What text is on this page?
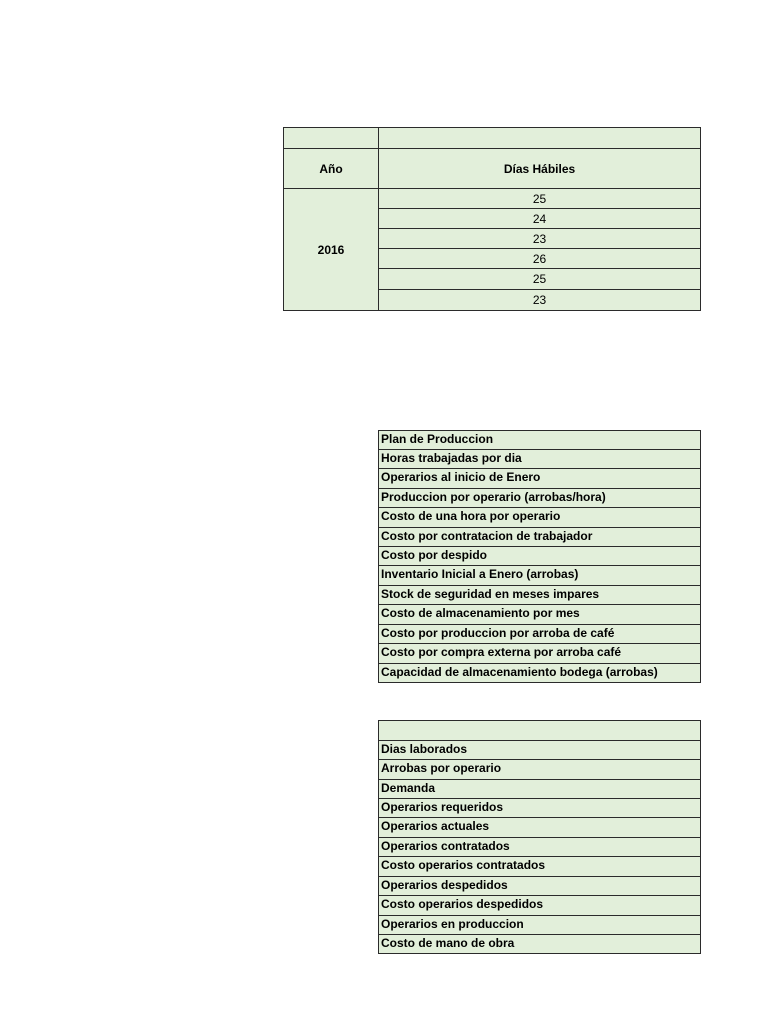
Año	Días Hábiles
2016
25
24
23
26
25
23
Plan de Produccion
Horas trabajadas por dia
Operarios al inicio de Enero
Produccion por operario (arrobas/hora)
Costo de una hora por operario
Costo por contratacion de trabajador
Costo por despido
Inventario Inicial a Enero (arrobas)
Stock de seguridad en meses impares
Costo de almacenamiento por mes
Costo por produccion por arroba de café
Costo por compra externa por arroba café
Capacidad de almacenamiento bodega (arrobas)
Dias laborados
Arrobas por operario
Demanda
Operarios requeridos
Operarios actuales
Operarios contratados
Costo operarios contratados
Operarios despedidos
Costo operarios despedidos
Operarios en produccion
Costo de mano de obra
